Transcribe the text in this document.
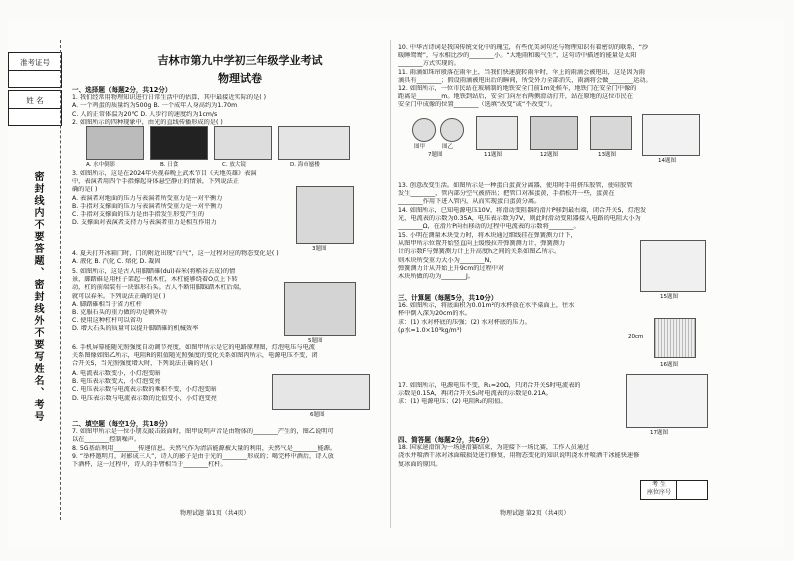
准考证号
姓 名
密封线内不要答题、密封线外不要写姓名、考号
吉林市第九中学初三年级学业考试
物理试卷

一、选择题（每题2分，共12分）

1. 我们经常用物理知识进行日常生活中的估算，其中最接近实际的是( )

A. 一个鸡蛋的质量约为500g B. 一个成年人身高约为1.70m

C. 人的正常体温为20℃ D. 人步行的速度约为1cm/s

2. 如图所示的四种现象中，由光的直线传播形成的是( )

A. 水中倒影	B. 日食	C. 放大镜	D. 海市蜃楼

3. 如图所示，这是在2024年央视春晚上武术节目《天地英雄》表演

中，表演者用四个手指撑起身体悬空静止的情景，下列说法正

确的是( )

A. 表演者对地面的压力与表演者所受重力是一对平衡力

B. 手指对支撑面的压力与表演者所受重力是一对平衡力

C. 手指对支撑面的压力是由手指发生形变产生的

D. 支撑面对表演者支持力与表演者重力是相互作用力

3题图

4. 夏天打开冰箱门时，门的附近出现“白气”，这一过程对应的物态变化是( )

A. 液化 B. 汽化 C. 熔化 D. 凝固

5. 如图所示，这是古人用脚踏碓(duì)春米(将稻谷去皮)的情

景，脚踏碓是用柱子架起一根木杠，木杠能够绕着O点上下转

动，杠的前端装有一块锥形石头。古人不断用脚踩踏木杠后端，

就可以春米。下列说法正确的是( )

A. 脚踏碓相当于省力杠杆

B. 克服石头的重力做的功是额外功

C. 使用这种杠杆可以省功

D. 增大石头的质量可以提升脚踏碓的机械效率

5题图

6. 手机屏幕能随光照强度自动调节亮度，如图甲所示是它的电路原理图，灯泡电压与电流

关系图像如图乙所示，电阻R的阻值随光照强度的变化关系如图丙所示，电源电压不变，闭

合开关S，当光照强度增大时，下列说法正确的是( )

A. 电流表示数变小，小灯泡变暗

B. 电压表示数变大，小灯泡变亮

C. 电压表示数与电流表示数的乘积不变，小灯泡变暗

D. 电压表示数与电流表示数的比值变小，小灯泡变亮

6题图

二、填空题（每空1分，共18分）

7. 如图甲所示是一位小朋友敲击鼓面时，图甲说明声音是由物体的________产生的，图乙说明可

以在________控制噪声。

8. 5G基站利用________传递信息。天然气作为清洁能源被大量的利用，天然气是________能源。

9. “举杯邀明月，对影成三人”，诗人的影子是由于光的________形成的；喝完杯中酒后，诗人放

下酒杯，这一过程中，诗人的手臂相当于________杠杆。

物理试题 第1页（共4页）

10. 中华古诗词是我国传统文化中的瑰宝，有些优美词句还与物理知识有着密切的联系，“沙

暖睡鸳鸯”，与水相比沙的________小。“大地雨和暖气生”，这句诗中描述的能量是太阳

________方式实现的。

11. 雨滴如珠帘般落在雨伞上，当我们快速旋转雨伞时，伞上的雨滴会被甩出，这是因为雨

滴具有________；假设雨滴被甩出后的瞬间，所受外力全部消失，雨滴将会做________运动。

12. 如图所示，一位市民站在玻璃制的地铁安全门前1m处候车，地铁门在安全门中像的

距离是________m。地铁到站后，安全门向左右两侧滑动打开，站在原地的这位市民在

安全门中成像的位置________（选填“改变”或“不改变”）。

图甲	图乙
7题图	11题图	12题图	13题图
14题图

13. 创意改变生活。如图所示是一种蛋白蛋黄分离器，使用时手用挤压胶管，使硅胶管

发生________，管内部分空气被挤出；把管口对准蛋黄，手指松开一些，蛋黄在

________作用下进入管内，从而实现蛋白蛋黄分离。

14. 如图所示，已知电源电压10V，将滑动变阻器的滑片P移到最右端，闭合开关S，灯泡发

光，电流表的示数为0.35A，电压表示数为7V，则此时滑动变阻器接入电路的电阻大小为

________Ω，在滑片P向右移动的过程中电流表的示数将________。

15. 小明在测量木块受力时，将木块通过细线挂在弹簧测力计下，

从图甲所示位置开始竖直向上缓慢拉开弹簧测力计，弹簧测力

计的示数F与弹簧测力计上升高度h之间的关系如图乙所示。

则木块所受重力大小为________N，

弹簧测力计从开始上升9cm的过程中对

木块所做的功为________J。

15题图

三、计算题（每题5分，共10分）

16. 如图所示，将底面积为0.01m²的水杯放在水平桌面上，往水

杯中倒入深为20cm的水。

求：(1) 水对杯底的压强；(2) 水对杯底的压力。

(ρ水=1.0×10³kg/m³)

20cm
16题图

17. 如图所示，电源电压不变，R₁=20Ω，只闭合开关S时电流表的

示数是0.15A，再闭合开关S₁时电流表的示数是0.21A。

求：(1) 电源电压；(2) 电阻R₂的阻值。

17题图

四、简答题（每题2分，共6分）

18. 国家速滑馆为一场速滑赛结束，为迎接下一场比赛，工作人员通过

浇水并喷洒干冰对冰面破损处进行修复，用物态变化的知识说明浇水并喷洒干冰能快速修

复冰面的原因。

物理试题 第2页（共4页）
考 生
座位序号
